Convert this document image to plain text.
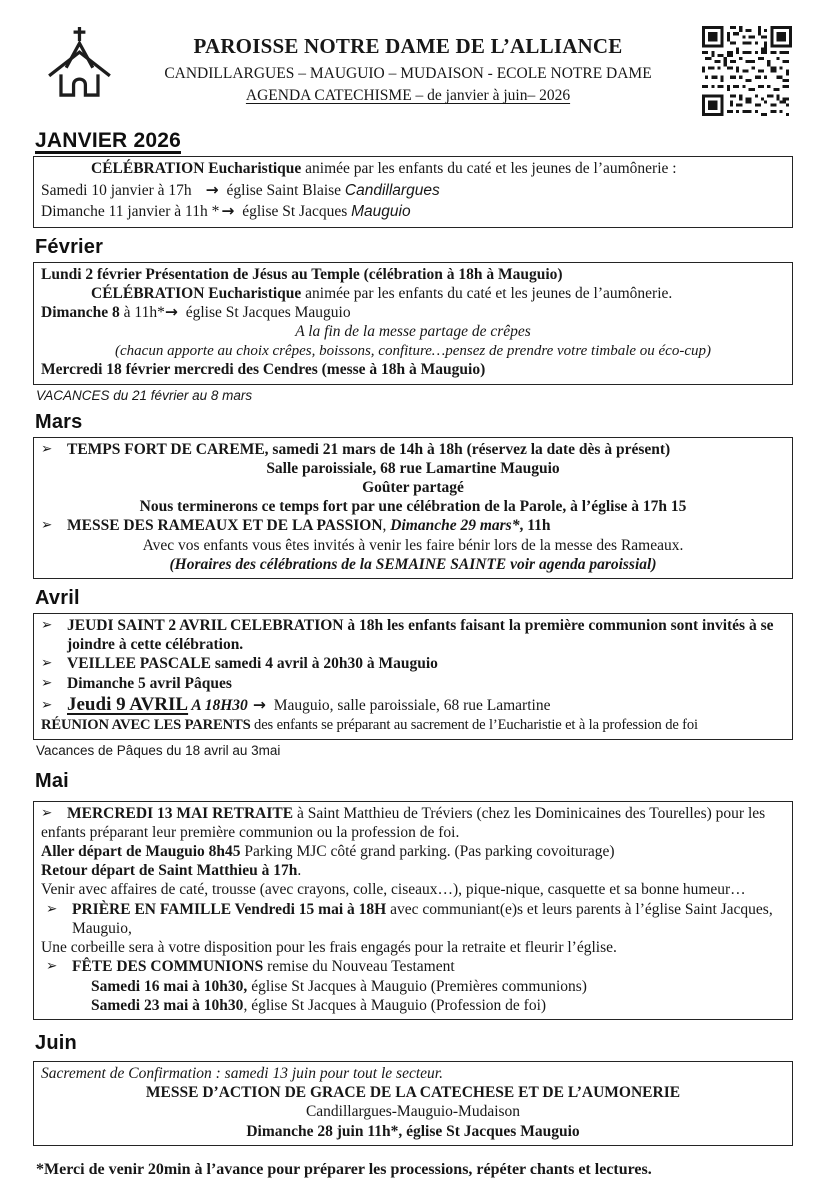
PAROISSE NOTRE DAME DE L’ALLIANCE
CANDILLARGUES – MAUGUIO – MUDAISON - ECOLE NOTRE DAME
AGENDA CATECHISME – de janvier à juin– 2026
JANVIER 2026

CÉLÉBRATION Eucharistique animée par les enfants du caté et les jeunes de l’aumônerie :

Samedi 10 janvier à 17h → église Saint Blaise Candillargues

Dimanche 11 janvier à 11h * → église St Jacques Mauguio

Février

Lundi 2 février Présentation de Jésus au Temple (célébration à 18h à Mauguio)

CÉLÉBRATION Eucharistique animée par les enfants du caté et les jeunes de l’aumônerie.

Dimanche 8 à 11h*→ église St Jacques Mauguio

A la fin de la messe partage de crêpes

(chacun apporte au choix crêpes, boissons, confiture…pensez de prendre votre timbale ou éco-cup)

Mercredi 18 février mercredi des Cendres (messe à 18h à Mauguio)

VACANCES du 21 février au 8 mars

Mars

➢ TEMPS FORT DE CAREME, samedi 21 mars de 14h à 18h (réservez la date dès à présent)

Salle paroissiale, 68 rue Lamartine Mauguio

Goûter partagé

Nous terminerons ce temps fort par une célébration de la Parole, à l’église à 17h 15

➢ MESSE DES RAMEAUX ET DE LA PASSION, Dimanche 29 mars*, 11h

Avec vos enfants vous êtes invités à venir les faire bénir lors de la messe des Rameaux.

(Horaires des célébrations de la SEMAINE SAINTE voir agenda paroissial)

Avril

➢ JEUDI SAINT 2 AVRIL CELEBRATION à 18h les enfants faisant la première communion sont invités à se joindre à cette célébration.

➢ VEILLEE PASCALE samedi 4 avril à 20h30 à Mauguio

➢ Dimanche 5 avril Pâques

➢ Jeudi 9 AVRIL A 18H30 → Mauguio, salle paroissiale, 68 rue Lamartine

RÉUNION AVEC LES PARENTS des enfants se préparant au sacrement de l’Eucharistie et à la profession de foi

Vacances de Pâques du 18 avril au 3mai

Mai

➢ MERCREDI 13 MAI RETRAITE à Saint Matthieu de Tréviers (chez les Dominicaines des Tourelles) pour les enfants préparant leur première communion ou la profession de foi.

Aller départ de Mauguio 8h45 Parking MJC côté grand parking. (Pas parking covoiturage)

Retour départ de Saint Matthieu à 17h.

Venir avec affaires de caté, trousse (avec crayons, colle, ciseaux…), pique-nique, casquette et sa bonne humeur…

➢ PRIÈRE EN FAMILLE Vendredi 15 mai à 18H avec communiant(e)s et leurs parents à l’église Saint Jacques, Mauguio,

Une corbeille sera à votre disposition pour les frais engagés pour la retraite et fleurir l’église.

➢ FÊTE DES COMMUNIONS remise du Nouveau Testament

Samedi 16 mai à 10h30, église St Jacques à Mauguio (Premières communions)

Samedi 23 mai à 10h30, église St Jacques à Mauguio (Profession de foi)

Juin

Sacrement de Confirmation : samedi 13 juin pour tout le secteur.

MESSE D’ACTION DE GRACE DE LA CATECHESE ET DE L’AUMONERIE

Candillargues-Mauguio-Mudaison

Dimanche 28 juin 11h*, église St Jacques Mauguio

*Merci de venir 20min à l’avance pour préparer les processions, répéter chants et lectures.
